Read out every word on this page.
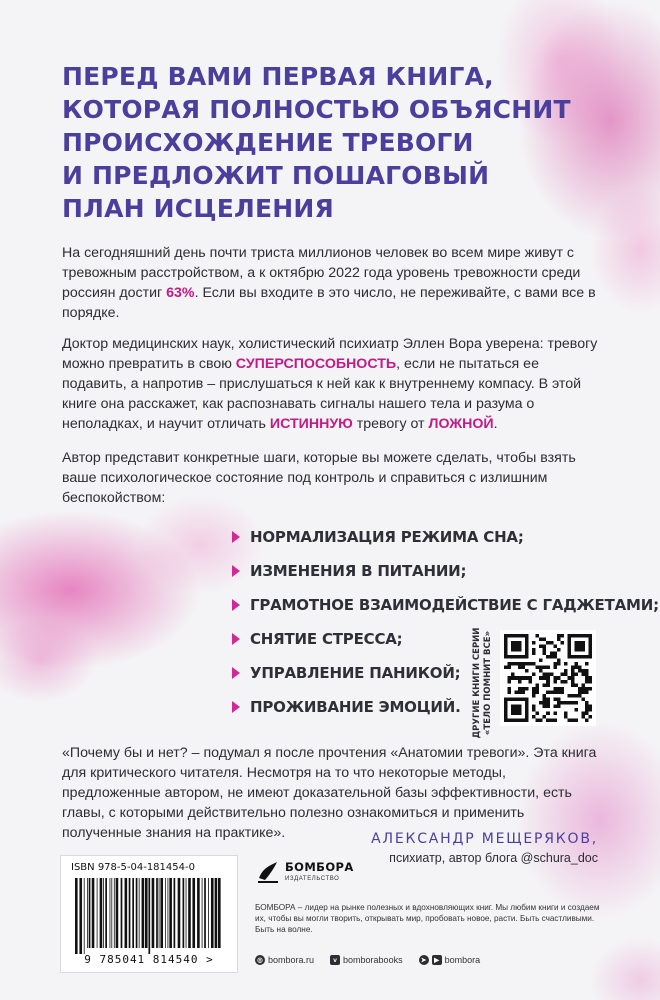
ПЕРЕД ВАМИ ПЕРВАЯ КНИГА,
КОТОРАЯ ПОЛНОСТЬЮ ОБЪЯСНИТ
ПРОИСХОЖДЕНИЕ ТРЕВОГИ
И ПРЕДЛОЖИТ ПОШАГОВЫЙ
ПЛАН ИСЦЕЛЕНИЯ

На сегодняшний день почти триста миллионов человек во всем мире живут с тревожным расстройством, а к октябрю 2022 года уровень тревожности среди россиян достиг 63%. Если вы входите в это число, не переживайте, с вами все в порядке.

Доктор медицинских наук, холистический психиатр Эллен Вора уверена: тревогу можно превратить в свою СУПЕРСПОСОБНОСТЬ, если не пытаться ее подавить, а напротив – прислушаться к ней как к внутреннему компасу. В этой книге она расскажет, как распознавать сигналы нашего тела и разума о неполадках, и научит отличать ИСТИННУЮ тревогу от ЛОЖНОЙ.

Автор представит конкретные шаги, которые вы можете сделать, чтобы взять ваше психологическое состояние под контроль и справиться с излишним беспокойством:

НОРМАЛИЗАЦИЯ РЕЖИМА СНА;
ИЗМЕНЕНИЯ В ПИТАНИИ;
ГРАМОТНОЕ ВЗАИМОДЕЙСТВИЕ С ГАДЖЕТАМИ;
СНЯТИЕ СТРЕССА;
УПРАВЛЕНИЕ ПАНИКОЙ;
ПРОЖИВАНИЕ ЭМОЦИЙ. ДРУГИЕ КНИГИ СЕРИИ
«ТЕЛО ПОМНИТ ВСЕ»

«Почему бы и нет? – подумал я после прочтения «Анатомии тревоги». Эта книга для критического читателя. Несмотря на то что некоторые методы, предложенные автором, не имеют доказательной базы эффективности, есть главы, с которыми действительно полезно ознакомиться и применить полученные знания на практике».	АЛЕКСАНДР МЕЩЕРЯКОВ,
психиатр, автор блога @schura_doc
ISBN 978-5-04-181454-0
9 785041 814540 >
БОМБОРА
ИЗДАТЕЛЬСТВО

БОМБОРА – лидер на рынке полезных и вдохновляющих книг. Мы любим книги и создаем их, чтобы вы могли творить, открывать мир, пробовать новое, расти. Быть счастливыми. Быть на волне.

◎ bombora.ru	v bomborabooks	➤	▶ bombora
